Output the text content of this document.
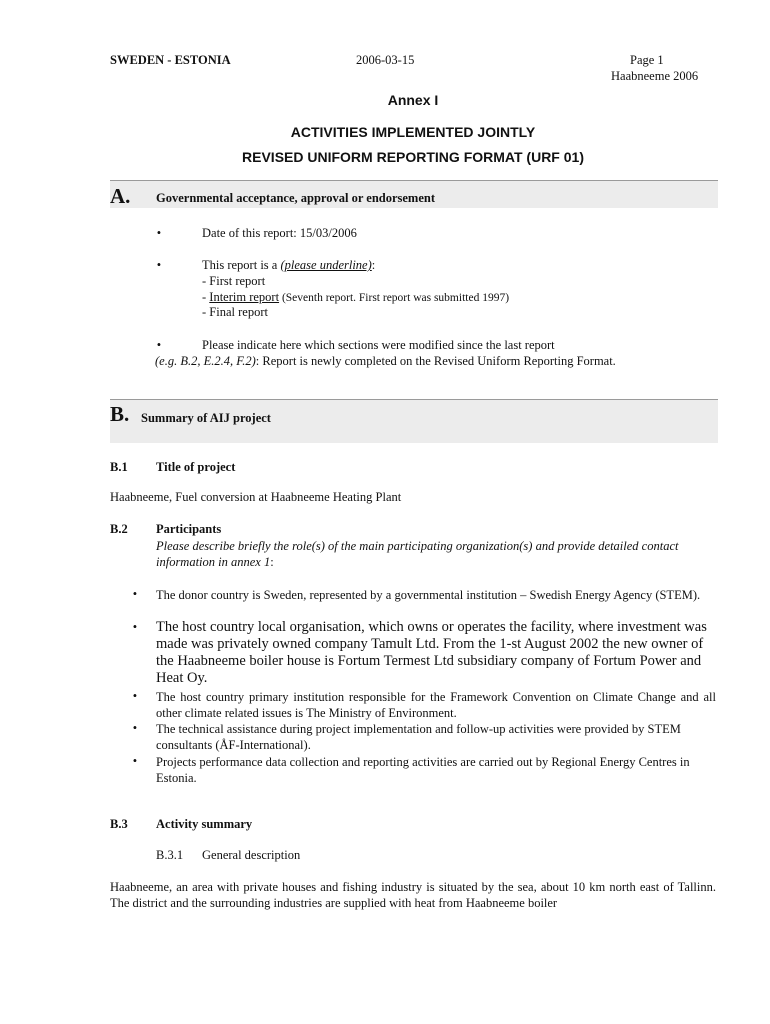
SWEDEN - ESTONIA	2006-03-15	Page 1
Haabneeme 2006
Annex I
ACTIVITIES IMPLEMENTED JOINTLY
REVISED UNIFORM REPORTING FORMAT (URF 01)
A. Governmental acceptance, approval or endorsement
•	Date of this report: 15/03/2006
•	This report is a (please underline):
- First report
- Interim report (Seventh report. First report was submitted 1997)
- Final report
•	Please indicate here which sections were modified since the last report
(e.g. B.2, E.2.4, F.2): Report is newly completed on the Revised Uniform Reporting Format.
B. Summary of AIJ project
B.1 Title of project
Haabneeme, Fuel conversion at Haabneeme Heating Plant
B.2 Participants
Please describe briefly the role(s) of the main participating organization(s) and provide detailed contact information in annex 1:
• The donor country is Sweden, represented by a governmental institution – Swedish Energy Agency (STEM).
• The host country local organisation, which owns or operates the facility, where investment was made was privately owned company Tamult Ltd. From the 1-st August 2002 the new owner of the Haabneeme boiler house is Fortum Termest Ltd subsidiary company of Fortum Power and Heat Oy.
• The host country primary institution responsible for the Framework Convention on Climate Change and all other climate related issues is The Ministry of Environment.
• The technical assistance during project implementation and follow-up activities were provided by STEM consultants (ÅF-International).
• Projects performance data collection and reporting activities are carried out by Regional Energy Centres in Estonia.
B.3 Activity summary
B.3.1 General description
Haabneeme, an area with private houses and fishing industry is situated by the sea, about 10 km north east of Tallinn. The district and the surrounding industries are supplied with heat from Haabneeme boiler
